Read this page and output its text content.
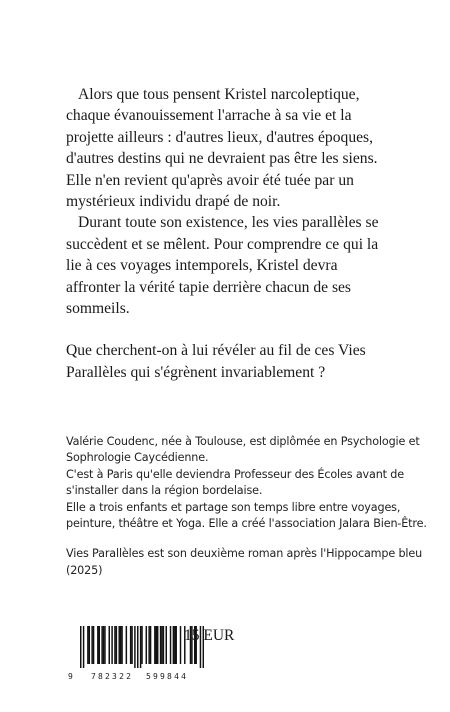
Alors que tous pensent Kristel narcoleptique,
chaque évanouissement l'arrache à sa vie et la
projette ailleurs : d'autres lieux, d'autres époques,
d'autres destins qui ne devraient pas être les siens.
Elle n'en revient qu'après avoir été tuée par un
mystérieux individu drapé de noir.

Durant toute son existence, les vies parallèles se
succèdent et se mêlent. Pour comprendre ce qui la
lie à ces voyages intemporels, Kristel devra
affronter la vérité tapie derrière chacun de ses
sommeils.

Que cherchent-on à lui révéler au fil de ces Vies
Parallèles qui s'égrènent invariablement ?

Valérie Coudenc, née à Toulouse, est diplômée en Psychologie et
Sophrologie Caycédienne.
C'est à Paris qu'elle deviendra Professeur des Écoles avant de
s'installer dans la région bordelaise.
Elle a trois enfants et partage son temps libre entre voyages,
peinture, théâtre et Yoga. Elle a créé l'association Jalara Bien-Être.

Vies Parallèles est son deuxième roman après l'Hippocampe bleu
(2025)

9 782322 599844
15 EUR
